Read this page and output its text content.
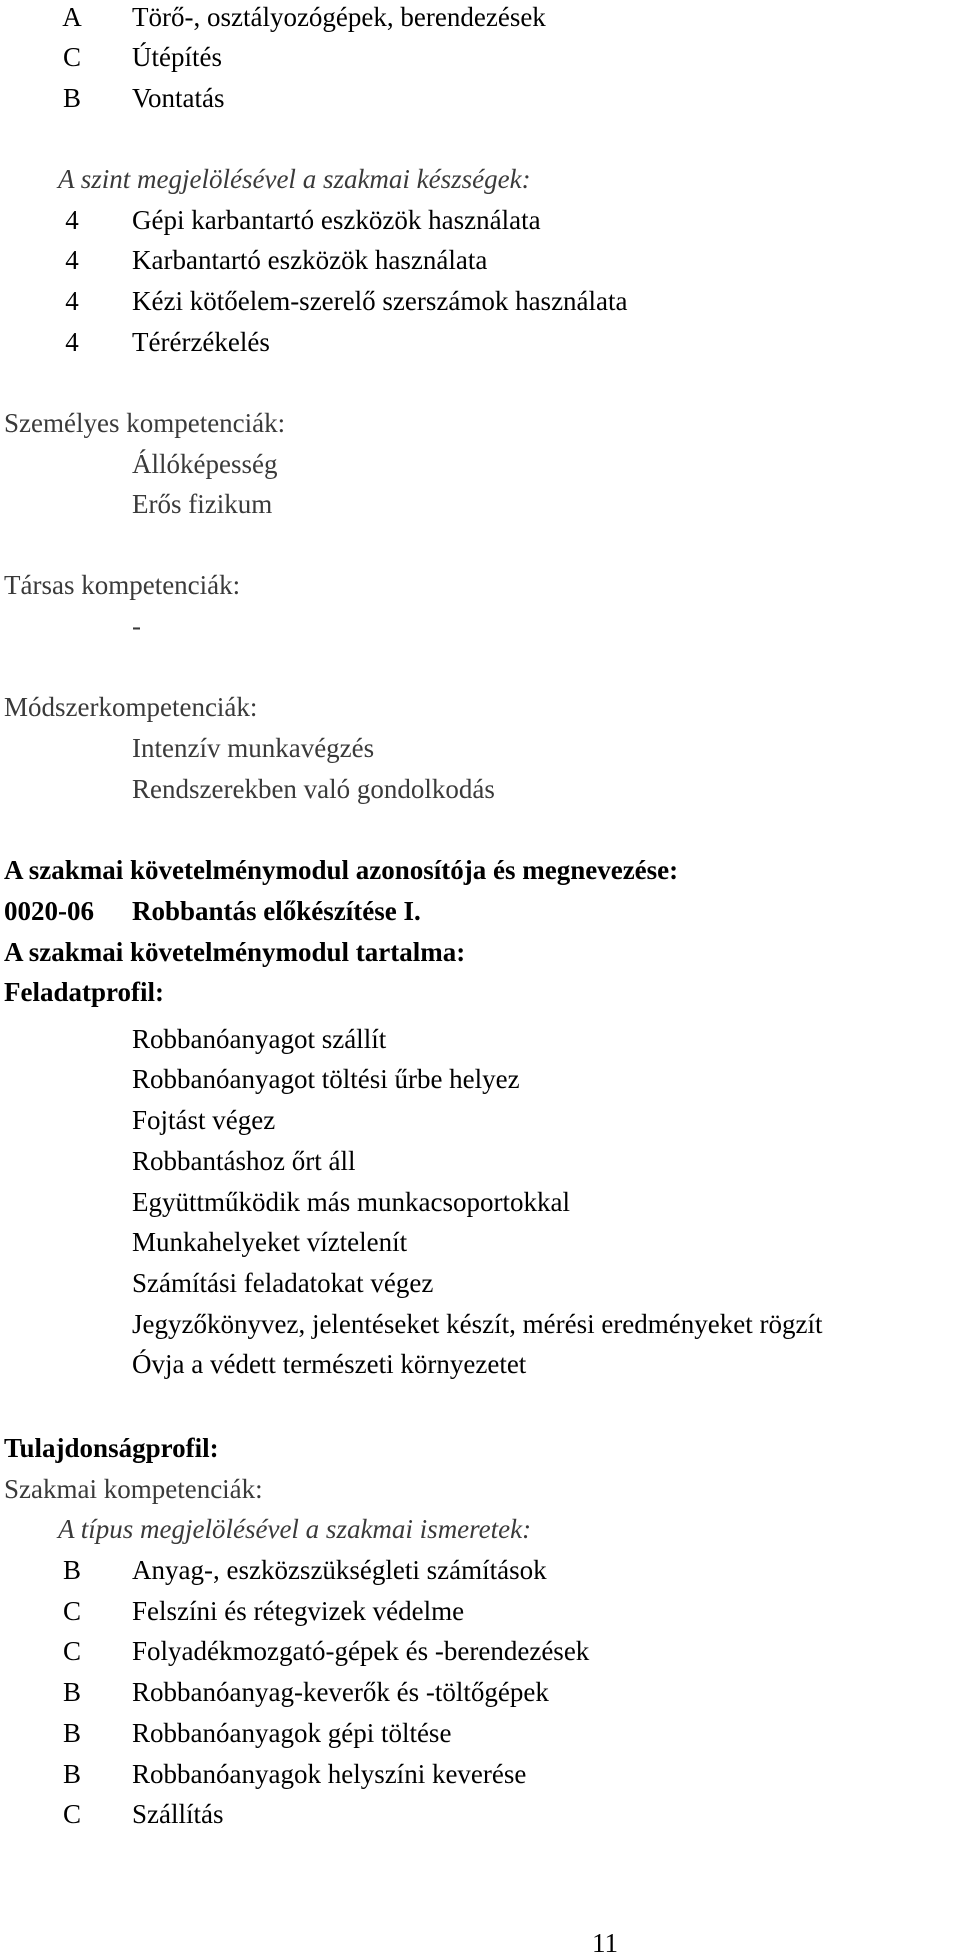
A	Törő-, osztályozógépek, berendezések
C	Útépítés
B	Vontatás
A szint megjelölésével a szakmai készségek:
4	Gépi karbantartó eszközök használata
4	Karbantartó eszközök használata
4	Kézi kötőelem-szerelő szerszámok használata
4	Térérzékelés
Személyes kompetenciák:
Állóképesség
Erős fizikum
Társas kompetenciák:
-
Módszerkompetenciák:
Intenzív munkavégzés
Rendszerekben való gondolkodás
A szakmai követelménymodul azonosítója és megnevezése:
0020-06 Robbantás előkészítése I.
A szakmai követelménymodul tartalma:
Feladatprofil:
Robbanóanyagot szállít
Robbanóanyagot töltési űrbe helyez
Fojtást végez
Robbantáshoz őrt áll
Együttműködik más munkacsoportokkal
Munkahelyeket víztelenít
Számítási feladatokat végez
Jegyzőkönyvez, jelentéseket készít, mérési eredményeket rögzít
Óvja a védett természeti környezetet
Tulajdonságprofil:
Szakmai kompetenciák:
A típus megjelölésével a szakmai ismeretek:
B	Anyag-, eszközszükségleti számítások
C	Felszíni és rétegvizek védelme
C	Folyadékmozgató-gépek és -berendezések
B	Robbanóanyag-keverők és -töltőgépek
B	Robbanóanyagok gépi töltése
B	Robbanóanyagok helyszíni keverése
C	Szállítás
11
